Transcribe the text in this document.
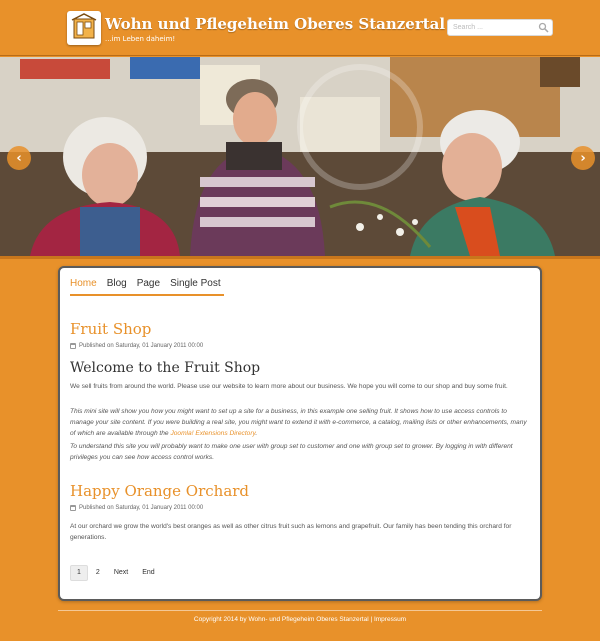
Wohn und Pflegeheim Oberes Stanzertal
...im Leben daheim!
Search ...
‹	›
Home Blog Page Single Post
Fruit Shop
Published on Saturday, 01 January 2011 00:00
Welcome to the Fruit Shop
We sell fruits from around the world. Please use our website to learn more about our business. We hope you will come to our shop and buy some fruit.
This mini site will show you how you might want to set up a site for a business, in this example one selling fruit. It shows how to use access controls to manage your site content. If you were building a real site, you might want to extend it with e-commerce, a catalog, mailing lists or other enhancements, many of which are available through the Joomla! Extensions Directory.
To understand this site you will probably want to make one user with group set to customer and one with group set to grower. By logging in with different privileges you can see how access control works.
Happy Orange Orchard
Published on Saturday, 01 January 2011 00:00
At our orchard we grow the world's best oranges as well as other citrus fruit such as lemons and grapefruit. Our family has been tending this orchard for generations.
1	2	Next	End
Copyright 2014 by Wohn- und Pflegeheim Oberes Stanzertal | Impressum
